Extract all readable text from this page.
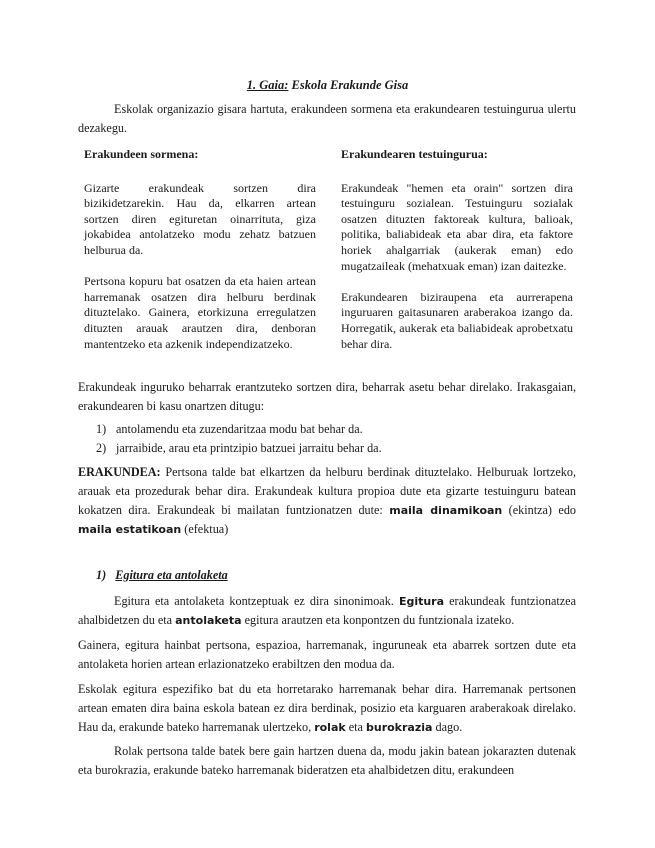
1. Gaia: Eskola Erakunde Gisa

Eskolak organizazio gisara hartuta, erakundeen sormena eta erakundearen testuingurua ulertu dezakegu.

Erakundeen sormena:

Gizarte erakundeak sortzen dira bizikidetzarekin. Hau da, elkarren artean sortzen diren egituretan oinarrituta, giza jokabidea antolatzeko modu zehatz batzuen helburua da.

Pertsona kopuru bat osatzen da eta haien artean harremanak osatzen dira helburu berdinak dituztelako. Gainera, etorkizuna erregulatzen dituzten arauak arautzen dira, denboran mantentzeko eta azkenik independizatzeko.

Erakundearen testuingurua:

Erakundeak "hemen eta orain" sortzen dira testuinguru sozialean. Testuinguru sozialak osatzen dituzten faktoreak kultura, balioak, politika, baliabideak eta abar dira, eta faktore horiek ahalgarriak (aukerak eman) edo mugatzaileak (mehatxuak eman) izan daitezke.

Erakundearen biziraupena eta aurrerapena inguruaren gaitasunaren araberakoa izango da. Horregatik, aukerak eta baliabideak aprobetxatu behar dira.

Erakundeak inguruko beharrak erantzuteko sortzen dira, beharrak asetu behar direlako. Irakasgaian, erakundearen bi kasu onartzen ditugu:

1) antolamendu eta zuzendaritzaa modu bat behar da.
2) jarraibide, arau eta printzipio batzuei jarraitu behar da.

ERAKUNDEA: Pertsona talde bat elkartzen da helburu berdinak dituztelako. Helburuak lortzeko, arauak eta prozedurak behar dira. Erakundeak kultura propioa dute eta gizarte testuinguru batean kokatzen dira. Erakundeak bi mailatan funtzionatzen dute: maila dinamikoan (ekintza) edo maila estatikoan (efektua)

1) Egitura eta antolaketa

Egitura eta antolaketa kontzeptuak ez dira sinonimoak. Egitura erakundeak funtzionatzea ahalbidetzen du eta antolaketa egitura arautzen eta konpontzen du funtzionala izateko.

Gainera, egitura hainbat pertsona, espazioa, harremanak, ingurunеak eta abarrek sortzen dute eta antolaketa horien artean erlazionatzeko erabiltzen den modua da.

Eskolak egitura espezifiko bat du eta horretarako harremanak behar dira. Harremanak pertsonen artean ematen dira baina eskola batean ez dira berdinak, posizio eta karguaren araberakoak direlako. Hau da, erakunde bateko harremanak ulertzeko, rolak eta burokrazia dago.

Rolak pertsona talde batek bere gain hartzen duena da, modu jakin batean jokarazten dutenak eta burokrazia, erakunde bateko harremanak bideratzen eta ahalbidetzen ditu, erakundeen
